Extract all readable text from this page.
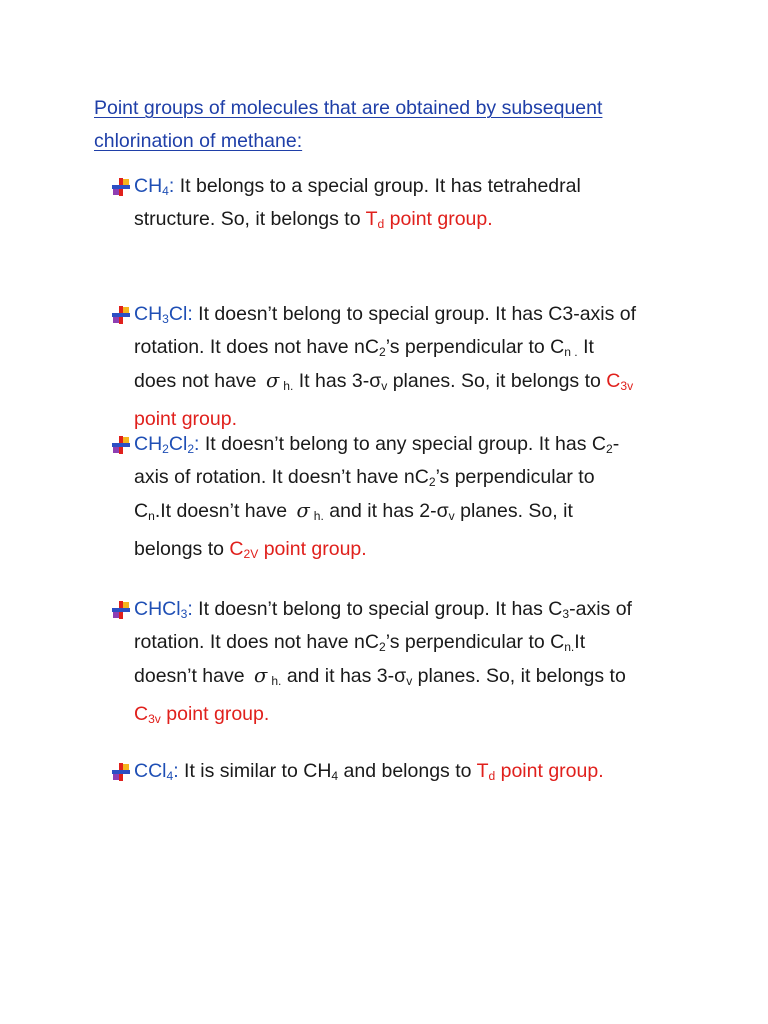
Point groups of molecules that are obtained by subsequent
chlorination of methane:
$CH_4$: It belongs to a special group. It has tetrahedral
structure. So, it belongs to $T_d$ point group.
$CH_3Cl$: It doesn’t belong to special group. It has C3-axis of
rotation. It does not have $nC_2’s$ perpendicular to $C_{n .}$ It
does not have σ h. It has $3-\sigma_v$ planes. So, it belongs to $C_{3v}$
point group.
$CH_2Cl_2$: It doesn’t belong to any special group. It has $C_2-$
axis of rotation. It doesn’t have $nC_2’s$ perpendicular to
$C_n.It$ doesn’t have σ h. and it has $2-\sigma_v$ planes. So, it
belongs to $C_{2V}$ point group.
CHCl$_3$: It doesn’t belong to special group. It has $C_3$-axis of
rotation. It does not have $nC_2’s$ perpendicular to $C_{n.}It$
doesn’t have σ h. and it has $3-\sigma_v$ planes. So, it belongs to
$C_{3v}$ point group.
CCl$_4$: It is similar to $CH_4$ and belongs to $T_d$ point group.
